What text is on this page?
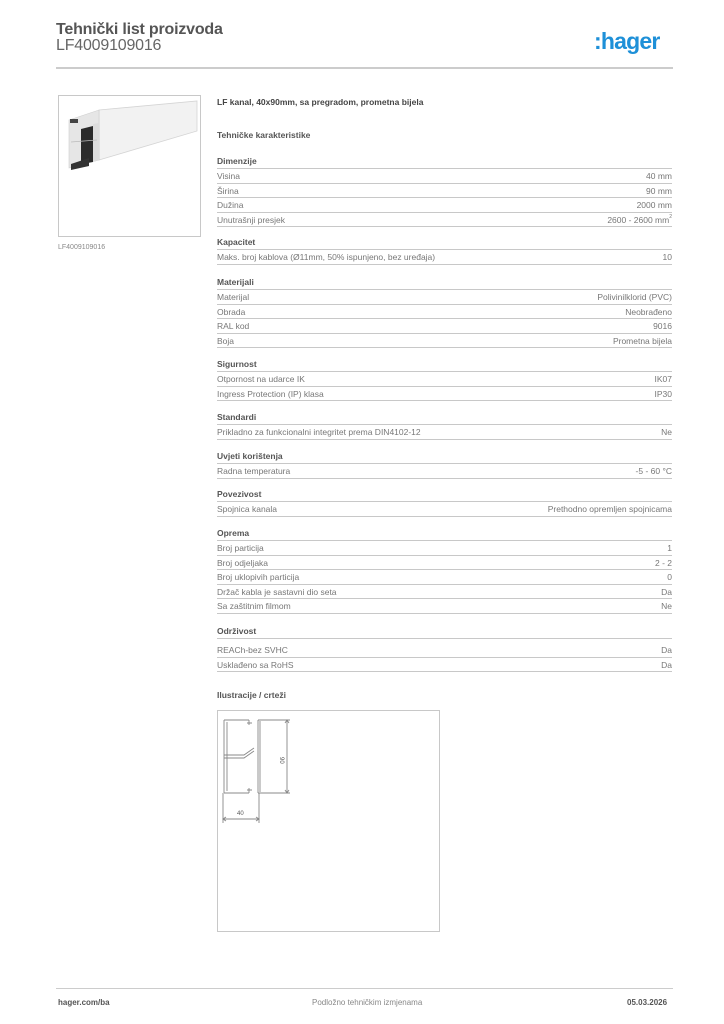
Tehnički list proizvoda
LF4009109016	:hager
LF4009109016
LF kanal, 40x90mm, sa pregradom, prometna bijela
Tehničke karakteristike
Dimenzije
Visina	40 mm
Širina	90 mm
Dužina	2000 mm
Unutrašnji presjek	2600 - 2600 $mm^2$
Kapacitet
Maks. broj kablova (Ø11mm, 50% ispunjeno, bez uređaja)	10
Materijali
Materijal	Polivinilklorid (PVC)
Obrada	Neobrađeno
RAL kod	9016
Boja	Prometna bijela
Sigurnost
Otpornost na udarce IK	IK07
Ingress Protection (IP) klasa	IP30
Standardi
Prikladno za funkcionalni integritet prema DIN4102-12	Ne
Uvjeti korištenja
Radna temperatura	-5 - 60 °C
Povezivost
Spojnica kanala	Prethodno opremljen spojnicama
Oprema
Broj particija	1
Broj odjeljaka	2 - 2
Broj uklopivih particija	0
Držač kabla je sastavni dio seta	Da
Sa zaštitnim filmom	Ne
Održivost
REACh-bez SVHC	Da
Usklađeno sa RoHS	Da
Ilustracije / crteži
90
40
hager.com/ba	Podložno tehničkim izmjenama	05.03.2026
